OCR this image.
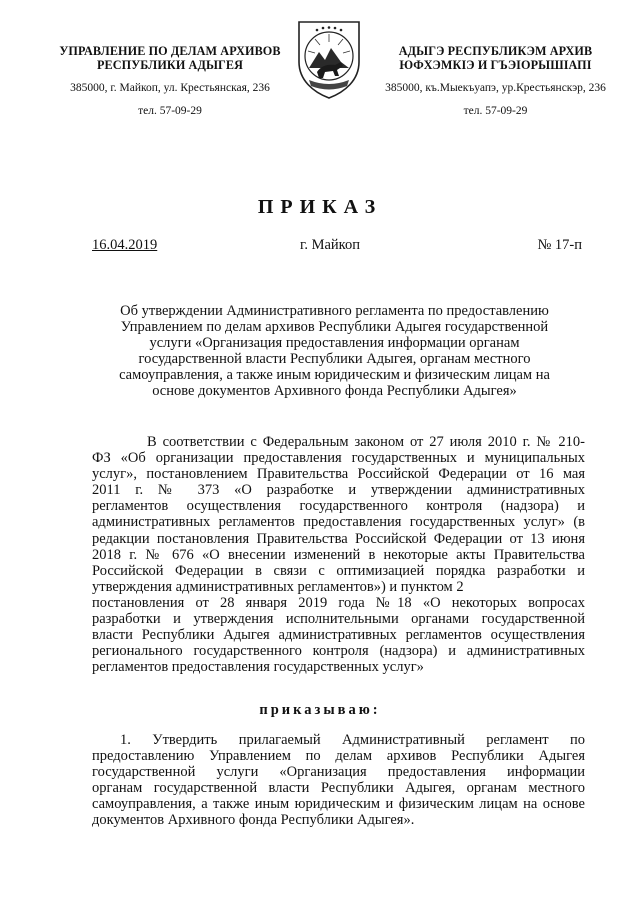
УПРАВЛЕНИЕ ПО ДЕЛАМ АРХИВОВ
РЕСПУБЛИКИ АДЫГЕЯ
385000, г. Майкоп, ул. Крестьянская, 236
тел. 57-09-29
АДЫГЭ РЕСПУБЛИКЭМ АРХИВ
ЮФХЭМКIЭ И ГЪЭIОРЫШIАПI
385000, къ.Мыекъуапэ, ур.Крестьянскэр, 236
тел. 57-09-29
ПРИКАЗ
16.04.2019	г. Майкоп	№ 17-п
Об утверждении Административного регламента по предоставлению
Управлением по делам архивов Республики Адыгея государственной
услуги «Организация предоставления информации органам
государственной власти Республики Адыгея, органам местного
самоуправления, а также иным юридическим и физическим лицам на
основе документов Архивного фонда Республики Адыгея»
В соответствии с Федеральным законом от 27 июля 2010 г. № 210-
ФЗ «Об организации предоставления государственных и муниципальных
услуг», постановлением Правительства Российской Федерации от 16 мая
2011 г. № 373 «О разработке и утверждении административных
регламентов осуществления государственного контроля (надзора) и
административных регламентов предоставления государственных услуг» (в
редакции постановления Правительства Российской Федерации от 13 июня
2018 г. № 676 «О внесении изменений в некоторые акты Правительства
Российской Федерации в связи с оптимизацией порядка разработки и
утверждения административных регламентов») и пунктом 2
постановления от 28 января 2019 года №18 «О некоторых вопросах
разработки и утверждения исполнительными органами государственной
власти Республики Адыгея административных регламентов осуществления
регионального государственного контроля (надзора) и административных
регламентов предоставления государственных услуг»
приказываю:
1. Утвердить прилагаемый Административный регламент по
предоставлению Управлением по делам архивов Республики Адыгея
государственной услуги «Организация предоставления информации
органам государственной власти Республики Адыгея, органам местного
самоуправления, а также иным юридическим и физическим лицам на основе
документов Архивного фонда Республики Адыгея».
